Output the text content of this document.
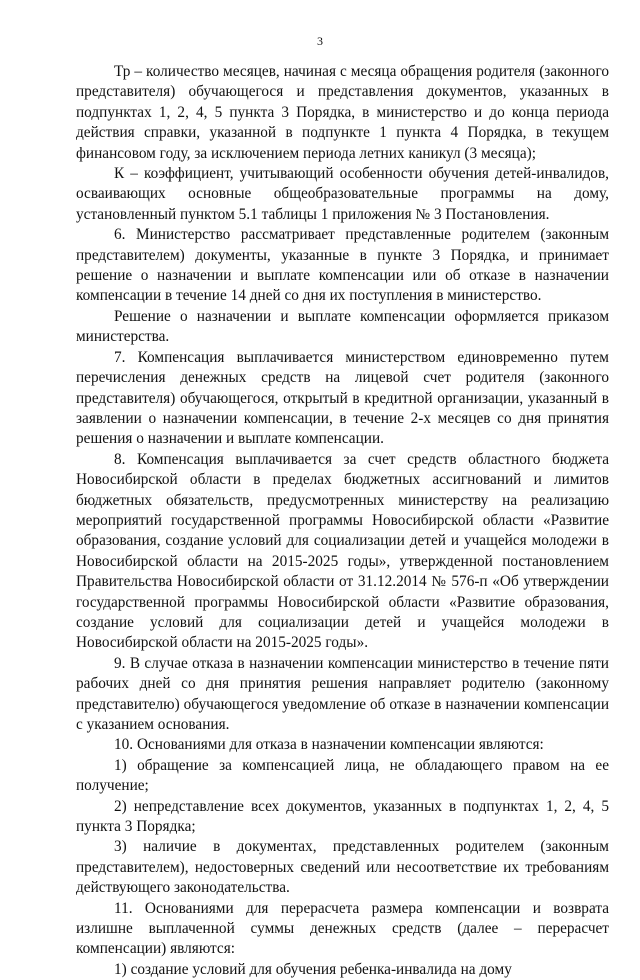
3

Тр – количество месяцев, начиная с месяца обращения родителя (законного представителя) обучающегося и представления документов, указанных в подпунктах 1, 2, 4, 5 пункта 3 Порядка, в министерство и до конца периода действия справки, указанной в подпункте 1 пункта 4 Порядка, в текущем финансовом году, за исключением периода летних каникул (3 месяца);

К – коэффициент, учитывающий особенности обучения детей-инвалидов, осваивающих основные общеобразовательные программы на дому, установленный пунктом 5.1 таблицы 1 приложения № 3 Постановления.

6. Министерство рассматривает представленные родителем (законным представителем) документы, указанные в пункте 3 Порядка, и принимает решение о назначении и выплате компенсации или об отказе в назначении компенсации в течение 14 дней со дня их поступления в министерство.

Решение о назначении и выплате компенсации оформляется приказом министерства.

7. Компенсация выплачивается министерством единовременно путем перечисления денежных средств на лицевой счет родителя (законного представителя) обучающегося, открытый в кредитной организации, указанный в заявлении о назначении компенсации, в течение 2-х месяцев со дня принятия решения о назначении и выплате компенсации.

8. Компенсация выплачивается за счет средств областного бюджета Новосибирской области в пределах бюджетных ассигнований и лимитов бюджетных обязательств, предусмотренных министерству на реализацию мероприятий государственной программы Новосибирской области «Развитие образования, создание условий для социализации детей и учащейся молодежи в Новосибирской области на 2015-2025 годы», утвержденной постановлением Правительства Новосибирской области от 31.12.2014 № 576-п «Об утверждении государственной программы Новосибирской области «Развитие образования, создание условий для социализации детей и учащейся молодежи в Новосибирской области на 2015-2025 годы».

9. В случае отказа в назначении компенсации министерство в течение пяти рабочих дней со дня принятия решения направляет родителю (законному представителю) обучающегося уведомление об отказе в назначении компенсации с указанием основания.

10. Основаниями для отказа в назначении компенсации являются:

1) обращение за компенсацией лица, не обладающего правом на ее получение;

2) непредставление всех документов, указанных в подпунктах 1, 2, 4, 5 пункта 3 Порядка;

3) наличие в документах, представленных родителем (законным представителем), недостоверных сведений или несоответствие их требованиям действующего законодательства.

11. Основаниями для перерасчета размера компенсации и возврата излишне выплаченной суммы денежных средств (далее – перерасчет компенсации) являются:

1) создание условий для обучения ребенка-инвалида на дому
